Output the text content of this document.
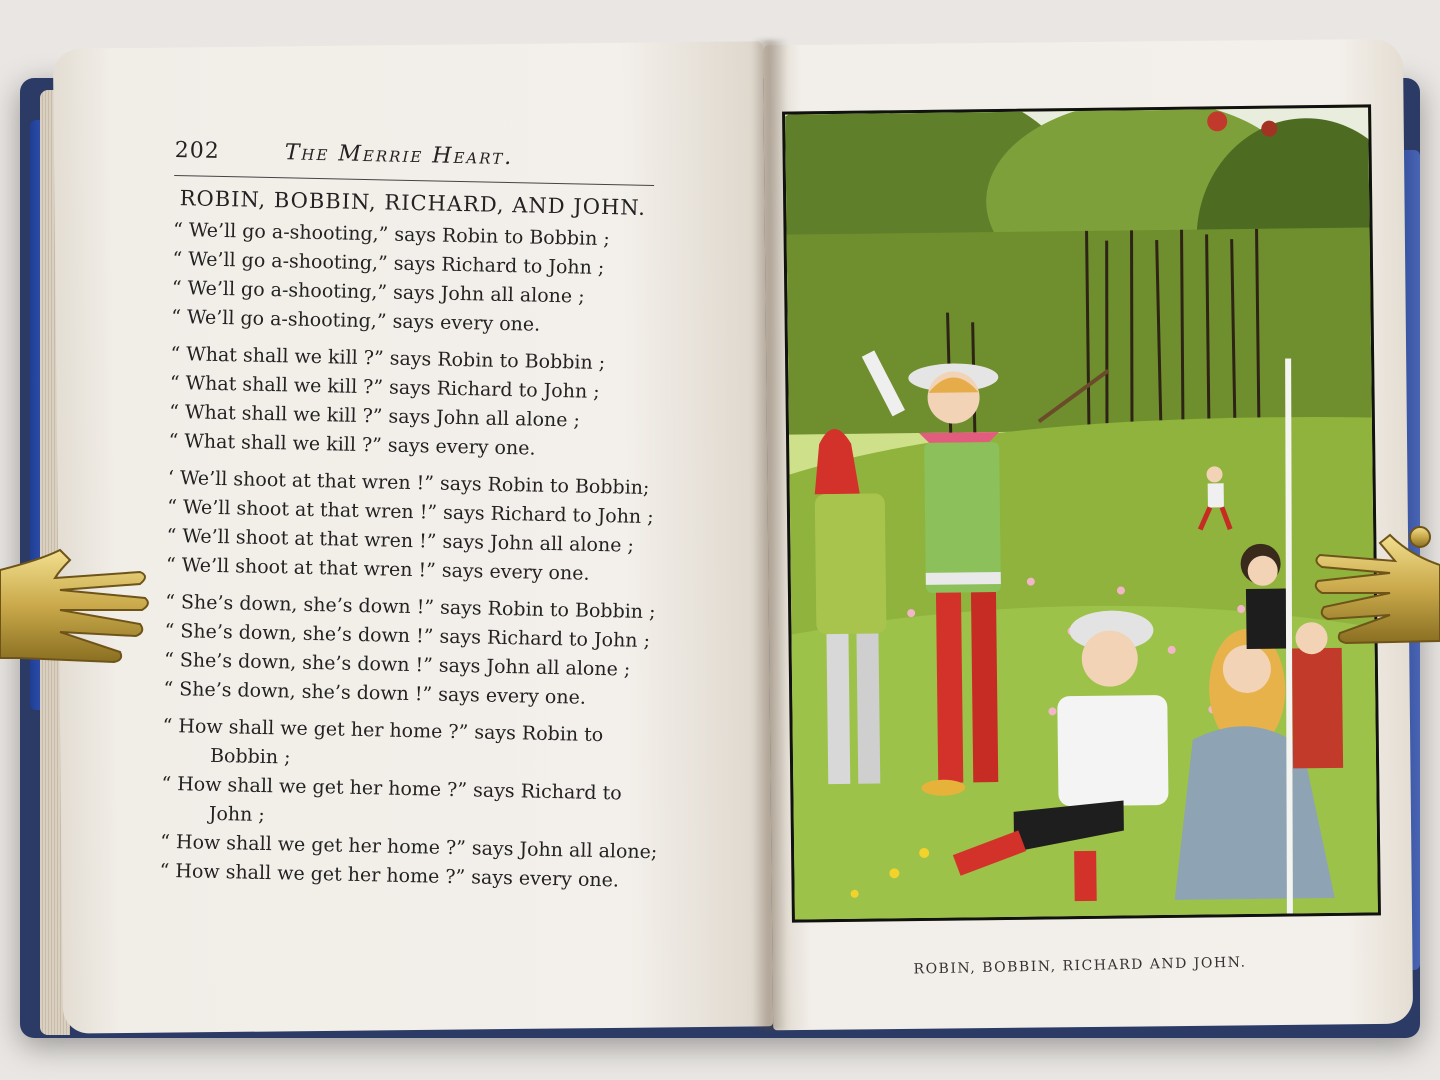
202	The Merrie Heart.
ROBIN, BOBBIN, RICHARD, AND JOHN.
“ We’ll go a-shooting,” says Robin to Bobbin ;
“ We’ll go a-shooting,” says Richard to John ;
“ We’ll go a-shooting,” says John all alone ;
“ We’ll go a-shooting,” says every one.
“ What shall we kill ?” says Robin to Bobbin ;
“ What shall we kill ?” says Richard to John ;
“ What shall we kill ?” says John all alone ;
“ What shall we kill ?” says every one.
‘ We’ll shoot at that wren !” says Robin to Bobbin;
“ We’ll shoot at that wren !” says Richard to John ;
“ We’ll shoot at that wren !” says John all alone ;
“ We’ll shoot at that wren !” says every one.
“ She’s down, she’s down !” says Robin to Bobbin ;
“ She’s down, she’s down !” says Richard to John ;
“ She’s down, she’s down !” says John all alone ;
“ She’s down, she’s down !” says every one.
“ How shall we get her home ?” says Robin to
Bobbin ;
“ How shall we get her home ?” says Richard to
John ;
“ How shall we get her home ?” says John all alone;
“ How shall we get her home ?” says every one.
ROBIN, BOBBIN, RICHARD AND JOHN.
